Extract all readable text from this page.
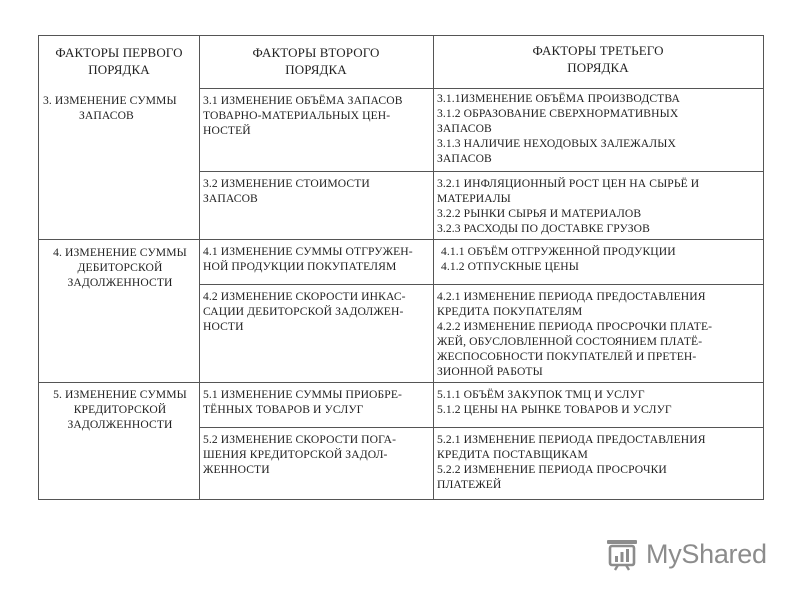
ФАКТОРЫ ПЕРВОГО
ПОРЯДКА
ФАКТОРЫ ВТОРОГО
ПОРЯДКА
ФАКТОРЫ ТРЕТЬЕГО
ПОРЯДКА
3. ИЗМЕНЕНИЕ СУММЫ
ЗАПАСОВ
3.1 ИЗМЕНЕНИЕ ОБЪЁМА ЗАПАСОВ
ТОВАРНО-МАТЕРИАЛЬНЫХ ЦЕН-
НОСТЕЙ
3.1.1ИЗМЕНЕНИЕ ОБЪЁМА ПРОИЗВОДСТВА
3.1.2 ОБРАЗОВАНИЕ СВЕРХНОРМАТИВНЫХ
ЗАПАСОВ
3.1.3 НАЛИЧИЕ НЕХОДОВЫХ ЗАЛЕЖАЛЫХ
ЗАПАСОВ
3.2 ИЗМЕНЕНИЕ СТОИМОСТИ
ЗАПАСОВ
3.2.1 ИНФЛЯЦИОННЫЙ РОСТ ЦЕН НА СЫРЬЁ И
МАТЕРИАЛЫ
3.2.2 РЫНКИ СЫРЬЯ И МАТЕРИАЛОВ
3.2.3 РАСХОДЫ ПО ДОСТАВКЕ ГРУЗОВ
4. ИЗМЕНЕНИЕ СУММЫ
ДЕБИТОРСКОЙ
ЗАДОЛЖЕННОСТИ
4.1 ИЗМЕНЕНИЕ СУММЫ ОТГРУЖЕН-
НОЙ ПРОДУКЦИИ ПОКУПАТЕЛЯМ
4.1.1 ОБЪЁМ ОТГРУЖЕННОЙ ПРОДУКЦИИ
4.1.2 ОТПУСКНЫЕ ЦЕНЫ
4.2 ИЗМЕНЕНИЕ СКОРОСТИ ИНКАС-
САЦИИ ДЕБИТОРСКОЙ ЗАДОЛЖЕН-
НОСТИ
4.2.1 ИЗМЕНЕНИЕ ПЕРИОДА ПРЕДОСТАВЛЕНИЯ
КРЕДИТА ПОКУПАТЕЛЯМ
4.2.2 ИЗМЕНЕНИЕ ПЕРИОДА ПРОСРОЧКИ ПЛАТЕ-
ЖЕЙ, ОБУСЛОВЛЕННОЙ СОСТОЯНИЕМ ПЛАТЁ-
ЖЕСПОСОБНОСТИ ПОКУПАТЕЛЕЙ И ПРЕТЕН-
ЗИОННОЙ РАБОТЫ
5. ИЗМЕНЕНИЕ СУММЫ
КРЕДИТОРСКОЙ
ЗАДОЛЖЕННОСТИ
5.1 ИЗМЕНЕНИЕ СУММЫ ПРИОБРЕ-
ТЁННЫХ ТОВАРОВ И УСЛУГ
5.1.1 ОБЪЁМ ЗАКУПОК ТМЦ И УСЛУГ
5.1.2 ЦЕНЫ НА РЫНКЕ ТОВАРОВ И УСЛУГ
5.2 ИЗМЕНЕНИЕ СКОРОСТИ ПОГА-
ШЕНИЯ КРЕДИТОРСКОЙ ЗАДОЛ-
ЖЕННОСТИ
5.2.1 ИЗМЕНЕНИЕ ПЕРИОДА ПРЕДОСТАВЛЕНИЯ
КРЕДИТА ПОСТАВЩИКАМ
5.2.2 ИЗМЕНЕНИЕ ПЕРИОДА ПРОСРОЧКИ
ПЛАТЕЖЕЙ
MyShared
